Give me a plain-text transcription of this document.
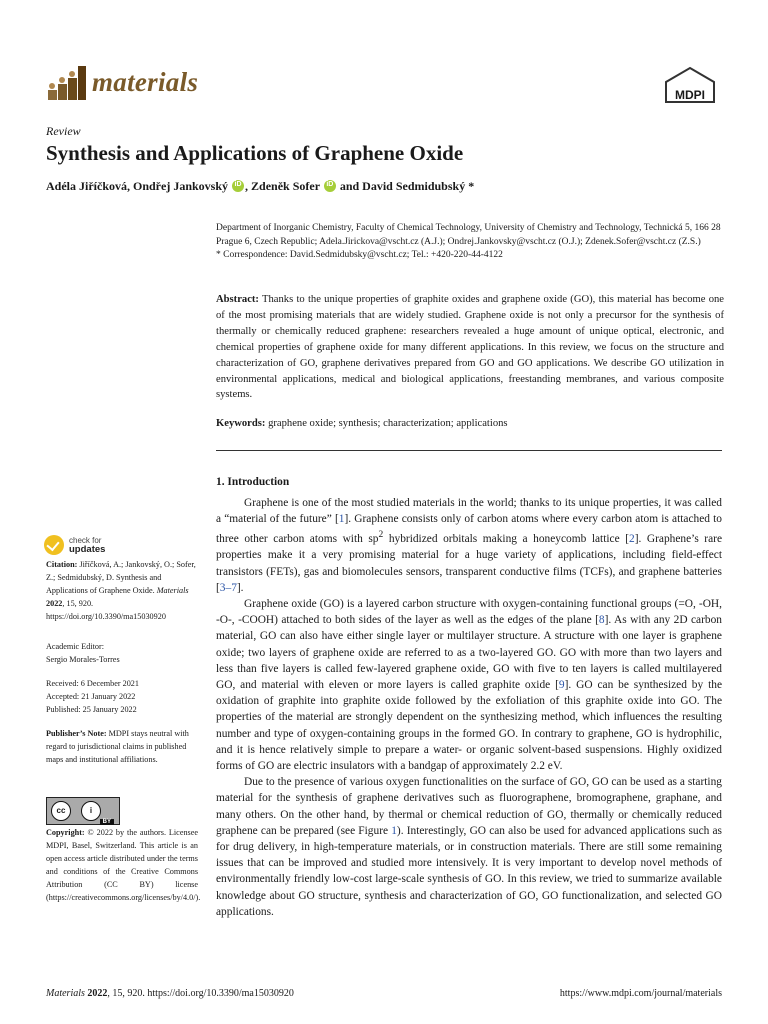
materials	MDPI
Review
Synthesis and Applications of Graphene Oxide
Adéla Jiříčková, Ondřej Jankovský iD , Zdeněk Sofer iD and David Sedmidubský *

Department of Inorganic Chemistry, Faculty of Chemical Technology, University of Chemistry and Technology, Technická 5, 166 28 Prague 6, Czech Republic; Adela.Jirickova@vscht.cz (A.J.); Ondrej.Jankovsky@vscht.cz (O.J.); Zdenek.Sofer@vscht.cz (Z.S.)

* Correspondence: David.Sedmidubsky@vscht.cz; Tel.: +420-220-44-4122

Abstract: Thanks to the unique properties of graphite oxides and graphene oxide (GO), this material has become one of the most promising materials that are widely studied. Graphene oxide is not only a precursor for the synthesis of thermally or chemically reduced graphene: researchers revealed a huge amount of unique optical, electronic, and chemical properties of graphene oxide for many different applications. In this review, we focus on the structure and characterization of GO, graphene derivatives prepared from GO and GO applications. We describe GO utilization in environmental applications, medical and biological applications, freestanding membranes, and various composite systems.
Keywords: graphene oxide; synthesis; characterization; applications
1. Introduction

Graphene is one of the most studied materials in the world; thanks to its unique properties, it was called a “material of the future” [1]. Graphene consists only of carbon atoms where every carbon atom is attached to three other carbon atoms with $sp^2$ hybridized orbitals making a honeycomb lattice [2]. Graphene’s rare properties make it a very promising material for a huge variety of applications, including field-effect transistors (FETs), gas and biomolecules sensors, transparent conductive films (TCFs), and graphene batteries [3–7].

Graphene oxide (GO) is a layered carbon structure with oxygen-containing functional groups (=O, -OH, -O-, -COOH) attached to both sides of the layer as well as the edges of the plane [8]. As with any 2D carbon material, GO can also have either single layer or multilayer structure. A structure with one layer is graphene oxide; two layers of graphene oxide are referred to as a two-layered GO. GO with more than two layers and less than five layers is called few-layered graphene oxide, GO with five to ten layers is called multilayered GO, and material with eleven or more layers is called graphite oxide [9]. GO can be synthesized by the oxidation of graphite into graphite oxide followed by the exfoliation of this graphite oxide into GO. The properties of the material are strongly dependent on the synthesizing method, which influences the resulting number and type of oxygen-containing groups in the formed GO. In contrary to graphene, GO is hydrophilic, and it is hence relatively simple to prepare a water- or organic solvent-based suspensions. Highly oxidized forms of GO are electric insulators with a bandgap of approximately 2.2 eV.

Due to the presence of various oxygen functionalities on the surface of GO, GO can be used as a starting material for the synthesis of graphene derivatives such as fluorographene, bromographene, graphane, and many others. On the other hand, by thermal or chemical reduction of GO, thermally or chemically reduced graphene can be prepared (see Figure 1). Interestingly, GO can also be used for advanced applications such as for drug delivery, in high-temperature materials, or in construction materials. There are still some remaining issues that can be improved and studied more intensively. It is very important to develop novel methods of environmentally friendly low-cost large-scale synthesis of GO. In this review, we tried to summarize available knowledge about GO structure, synthesis and characterization of GO, GO functionalization, and selected GO applications.

check for
updates
Citation: Jiříčková, A.; Jankovský, O.; Sofer, Z.; Sedmidubský, D. Synthesis and Applications of Graphene Oxide. Materials 2022, 15, 920. https://doi.org/10.3390/ma15030920

Academic Editor:

Sergio Morales-Torres

Received: 6 December 2021

Accepted: 21 January 2022

Published: 25 January 2022

Publisher’s Note: MDPI stays neutral with regard to jurisdictional claims in published maps and institutional affiliations.
cc	i
BY
Copyright: © 2022 by the authors. Licensee MDPI, Basel, Switzerland. This article is an open access article distributed under the terms and conditions of the Creative Commons Attribution (CC BY) license (https://creativecommons.org/licenses/by/4.0/).
Materials 2022, 15, 920. https://doi.org/10.3390/ma15030920	https://www.mdpi.com/journal/materials
